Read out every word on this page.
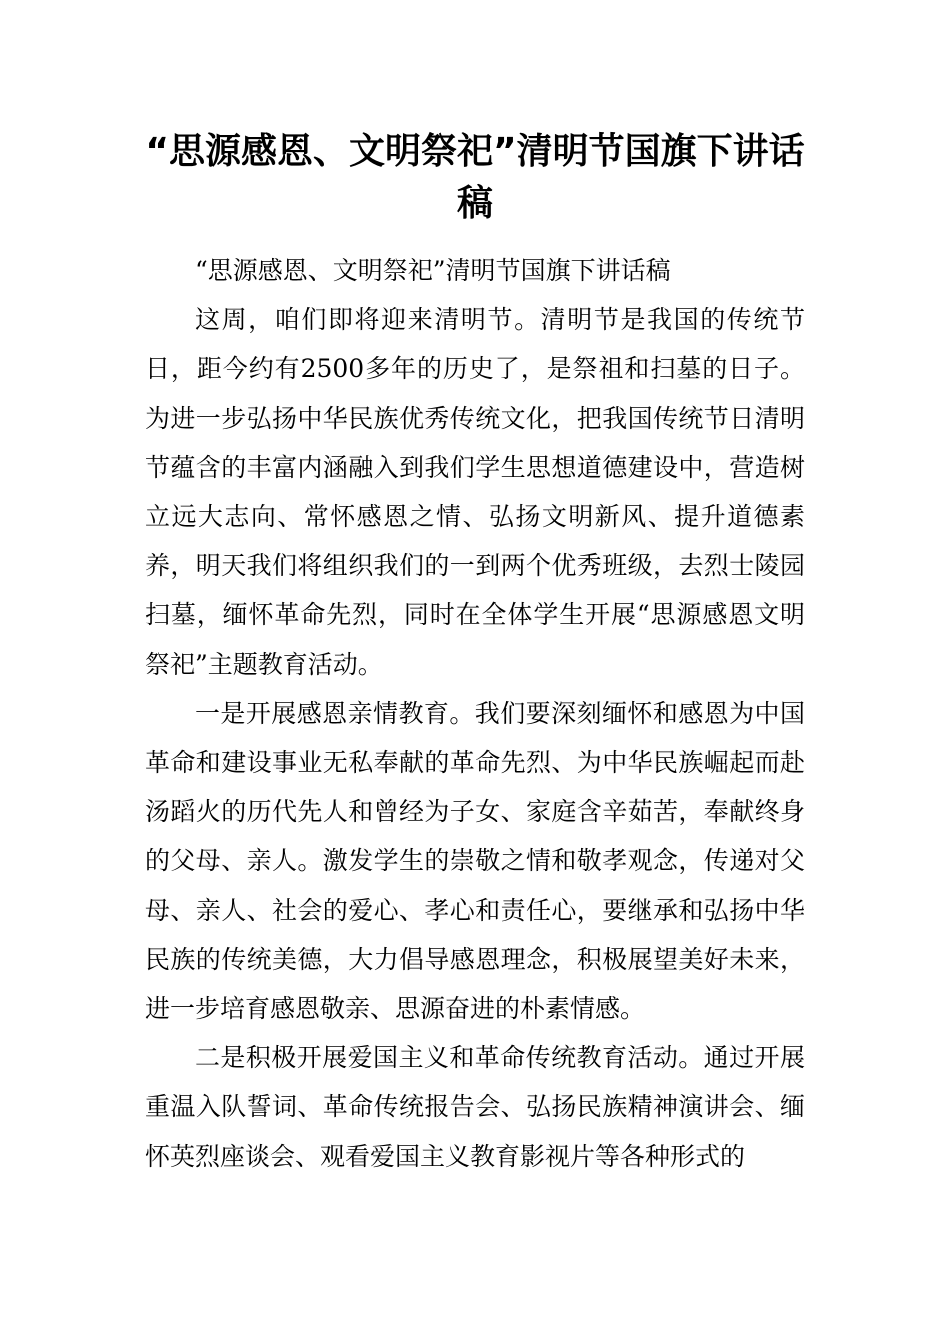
“思源感恩、文明祭祀”清明节国旗下讲话稿

“思源感恩、文明祭祀”清明节国旗下讲话稿

这周，咱们即将迎来清明节。清明节是我国的传统节日，距今约有2500多年的历史了，是祭祖和扫墓的日子。为进一步弘扬中华民族优秀传统文化，把我国传统节日清明节蕴含的丰富内涵融入到我们学生思想道德建设中，营造树立远大志向、常怀感恩之情、弘扬文明新风、提升道德素养，明天我们将组织我们的一到两个优秀班级，去烈士陵园扫墓，缅怀革命先烈，同时在全体学生开展“思源感恩文明祭祀”主题教育活动。

一是开展感恩亲情教育。我们要深刻缅怀和感恩为中国革命和建设事业无私奉献的革命先烈、为中华民族崛起而赴汤蹈火的历代先人和曾经为子女、家庭含辛茹苦，奉献终身的父母、亲人。激发学生的崇敬之情和敬孝观念，传递对父母、亲人、社会的爱心、孝心和责任心，要继承和弘扬中华民族的传统美德，大力倡导感恩理念，积极展望美好未来，进一步培育感恩敬亲、思源奋进的朴素情感。

二是积极开展爱国主义和革命传统教育活动。通过开展重温入队誓词、革命传统报告会、弘扬民族精神演讲会、缅怀英烈座谈会、观看爱国主义教育影视片等各种形式的
